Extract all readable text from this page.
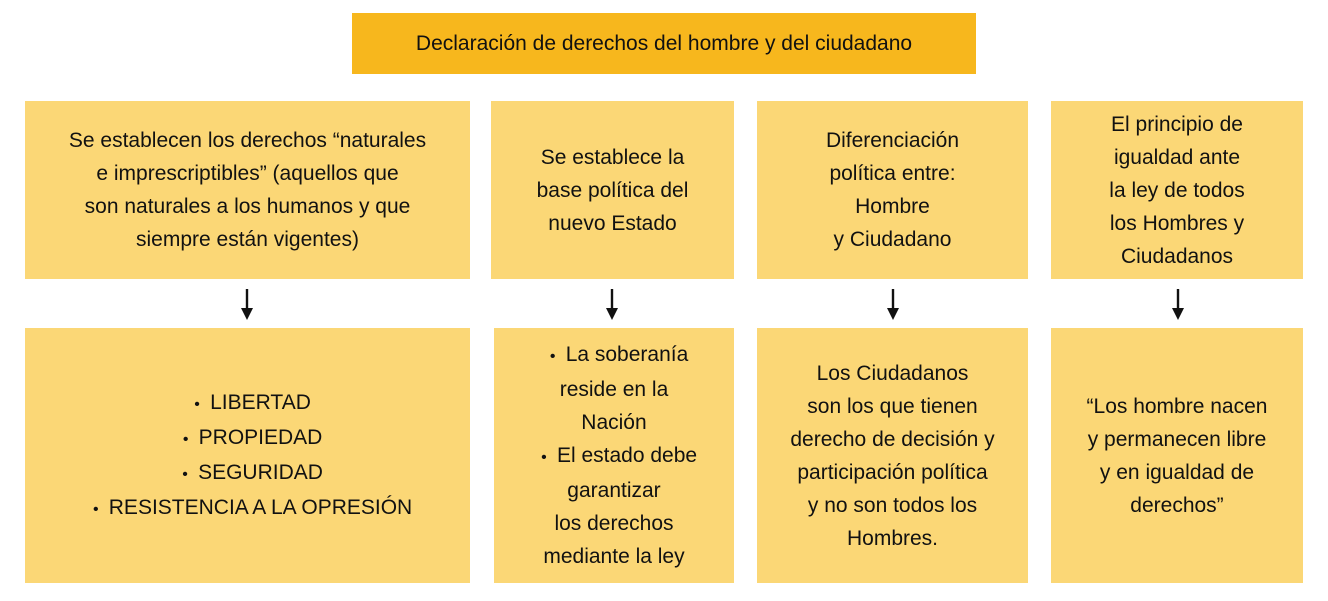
Declaración de derechos del hombre y del ciudadano
Se establecen los derechos “naturales
e imprescriptibles” (aquellos que
son naturales a los humanos y que
siempre están vigentes)
• LIBERTAD
• PROPIEDAD
• SEGURIDAD
• RESISTENCIA A LA OPRESIÓN
Se establece la
base política del
nuevo Estado
• La soberanía
reside en la
Nación
• El estado debe
garantizar
los derechos
mediante la ley
Diferenciación
política entre:
Hombre
y Ciudadano
Los Ciudadanos
son los que tienen
derecho de decisión y
participación política
y no son todos los
Hombres.
El principio de
igualdad ante
la ley de todos
los Hombres y
Ciudadanos
“Los hombre nacen
y permanecen libre
y en igualdad de
derechos”
